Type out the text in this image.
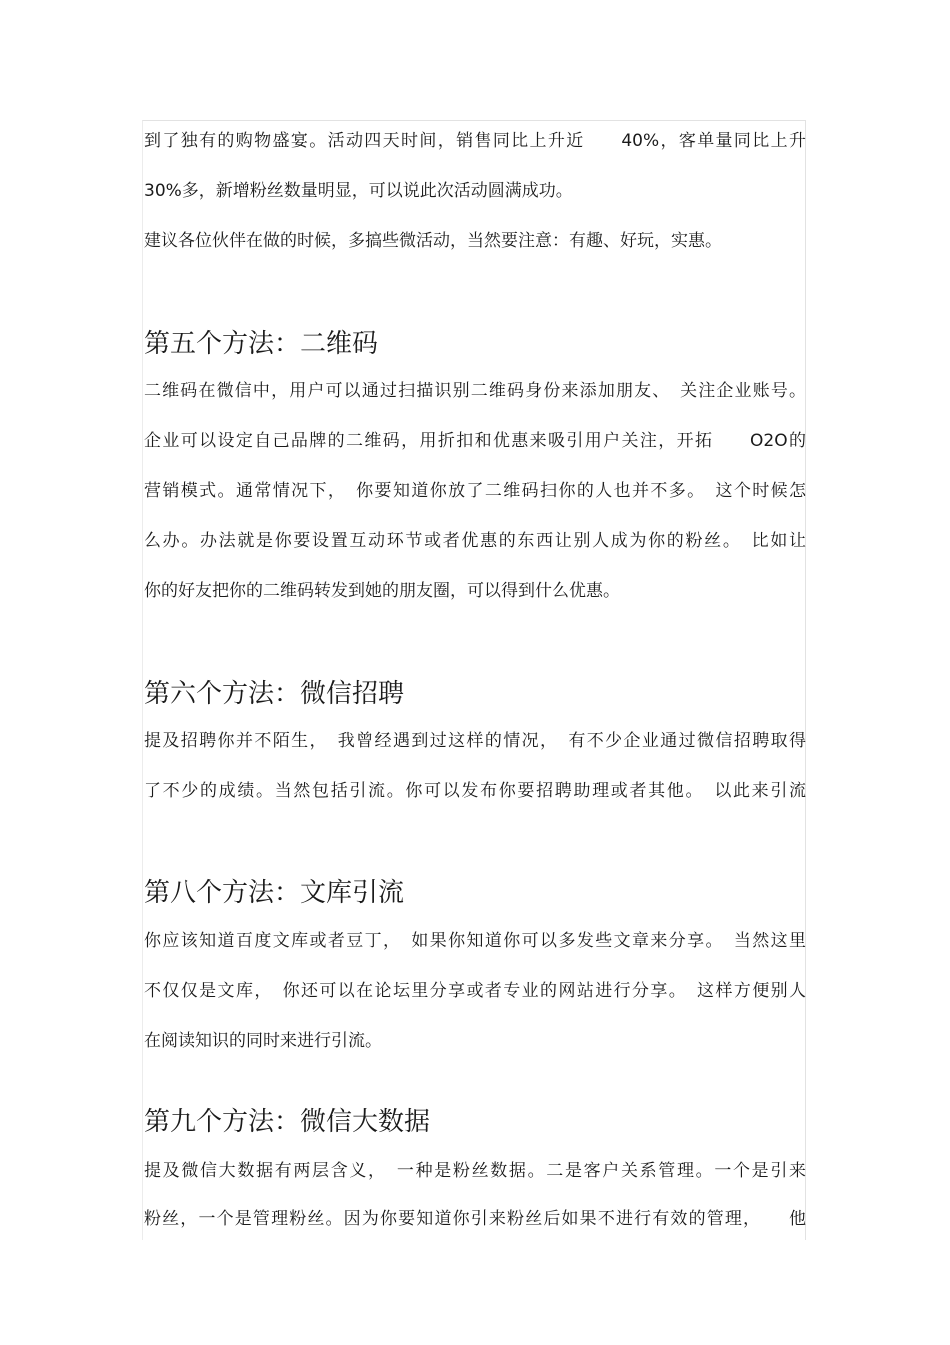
到了独有的购物盛宴。活动四天时间，销售同比上升近　　40%，客单量同比上升
30%多，新增粉丝数量明显，可以说此次活动圆满成功。
建议各位伙伴在做的时候，多搞些微活动，当然要注意：有趣、好玩，实惠。
第五个方法：二维码
二维码在微信中，用户可以通过扫描识别二维码身份来添加朋友、　关注企业账号。
企业可以设定自己品牌的二维码，用折扣和优惠来吸引用户关注，开拓　　O2O的
营销模式。通常情况下，　你要知道你放了二维码扫你的人也并不多。　这个时候怎
么办。办法就是你要设置互动环节或者优惠的东西让别人成为你的粉丝。　比如让
你的好友把你的二维码转发到她的朋友圈，可以得到什么优惠。
第六个方法：微信招聘
提及招聘你并不陌生，　我曾经遇到过这样的情况，　有不少企业通过微信招聘取得
了不少的成绩。当然包括引流。你可以发布你要招聘助理或者其他。　以此来引流
第八个方法：文库引流
你应该知道百度文库或者豆丁，　如果你知道你可以多发些文章来分享。　当然这里
不仅仅是文库，　你还可以在论坛里分享或者专业的网站进行分享。　这样方便别人
在阅读知识的同时来进行引流。
第九个方法：微信大数据
提及微信大数据有两层含义，　一种是粉丝数据。二是客户关系管理。一个是引来
粉丝，一个是管理粉丝。因为你要知道你引来粉丝后如果不进行有效的管理，　　他
